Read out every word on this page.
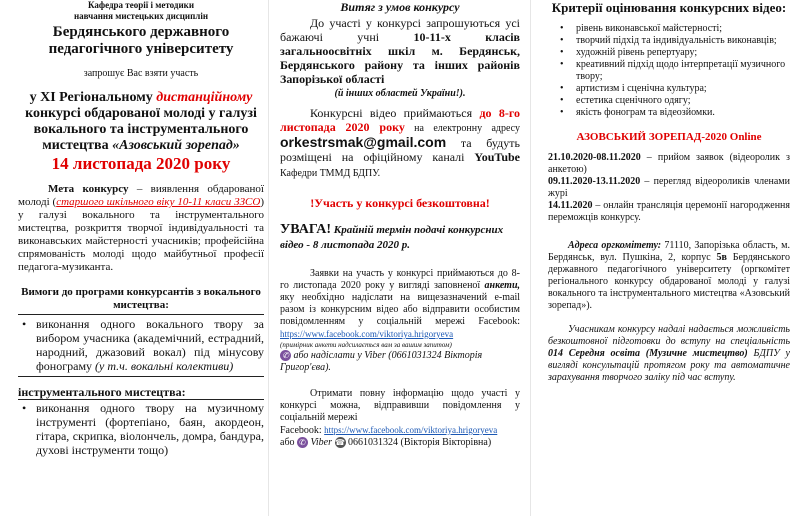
Кафедра теорії і методики

навчання мистецьких дисциплін

Бердянського державного педагогічного університету

запрошує Вас взяти участь

у ХІ Регіональному дистанційному конкурсі обдарованої молоді у галузі вокального та інструментального мистецтва «Азовський зорепад»

14 листопада 2020 року

Мета конкурсу – виявлення обдарованої молоді (старшого шкільного віку 10-11 класи ЗЗСО) у галузі вокального та інструментального мистецтва, розкриття творчої індивідуальності та виконавських майстерності учасників; профейсійна спрямованість молоді щодо майбутньої професії педагога-музиканта.

Вимоги до програми конкурсантів з вокального мистецтва:

• виконання одного вокального твору за вибором учасника (академічний, естрадний, народний, джазовий вокал) під мінусову фонограму (у т.ч. вокальні колективи)

інструментального мистецтва:

• виконання одного твору на музичному інструменті (фортепіано, баян, акордеон, гітара, скрипка, віолончель, домра, бандура, духові інструменти тощо)

Витяг з умов конкурсу

До участі у конкурсі запрошуються усі бажаючі учні 10-11-х класів загальноосвітніх шкіл м. Бердянськ, Бердянського району та інших районів Запорізької області

(й інших областей України!).

Конкурсні відео приймаються до 8-го листопада 2020 року на електронну адресу orkestrsmak@gmail.com та будуть розміщені на офіційному каналі YouTube Кафедри ТММД БДПУ.

!Участь у конкурсі безкоштовна!

УВАГА! Крайній термін подачі конкурсних відео - 8 листопада 2020 р.

Заявки на участь у конкурсі приймаються до 8-го листопада 2020 року у вигляді заповненої анкети, яку необхідно надіслати на вищезазначений e-mail разом із конкурсним відео або відправити особистим повідомленням у соціальній мережі Facebook: https://www.facebook.com/viktoriya.hrigoryeva

(примірник анкети надсилається вам за вашим запитом)

✆ або надіслати у Viber (0661031324 Вікторія Григор'єва).

Отримати повну інформацію щодо участі у конкурсі можна, відправивши повідомлення у соціальній мережі

Facebook: https://www.facebook.com/viktoriya.hrigoryeva

або ✆ Viber ☎ 0661031324 (Вікторія Вікторівна)

Критерії оцінювання конкурсних відео:

• рівень виконавської майстерності;
• творчий підхід та індивідуальність виконавців;
• художній рівень репертуару;
• креативний підхід щодо інтерпретації музичного твору;
• артистизм і сценічна культура;
• естетика сценічного одягу;
• якість фонограм та відеозйомки.

АЗОВСЬКИЙ ЗОРЕПАД-2020 Online

21.10.2020-08.11.2020 – прийом заявок (відеоролик з анкетою)

09.11.2020-13.11.2020 – перегляд відеороликів членами журі

14.11.2020 – онлайн трансляція церемонії нагородження переможців конкурсу.

Адреса оргкомітету: 71110, Запорізька область, м. Бердянськ, вул. Пушкіна, 2, корпус 5в Бердянського державного педагогічного університету (оргкомітет регіонального конкурсу обдарованої молоді у галузі вокального та інструментального мистецтва «Азовський зорепад»).

Учасникам конкурсу надалі надається можливість безкоштовної підготовки до вступу на спеціальність 014 Середня освіта (Музичне мистецтво) БДПУ у вигляді консультацій протягом року та автоматичне зарахування творчого заліку під час вступу.
